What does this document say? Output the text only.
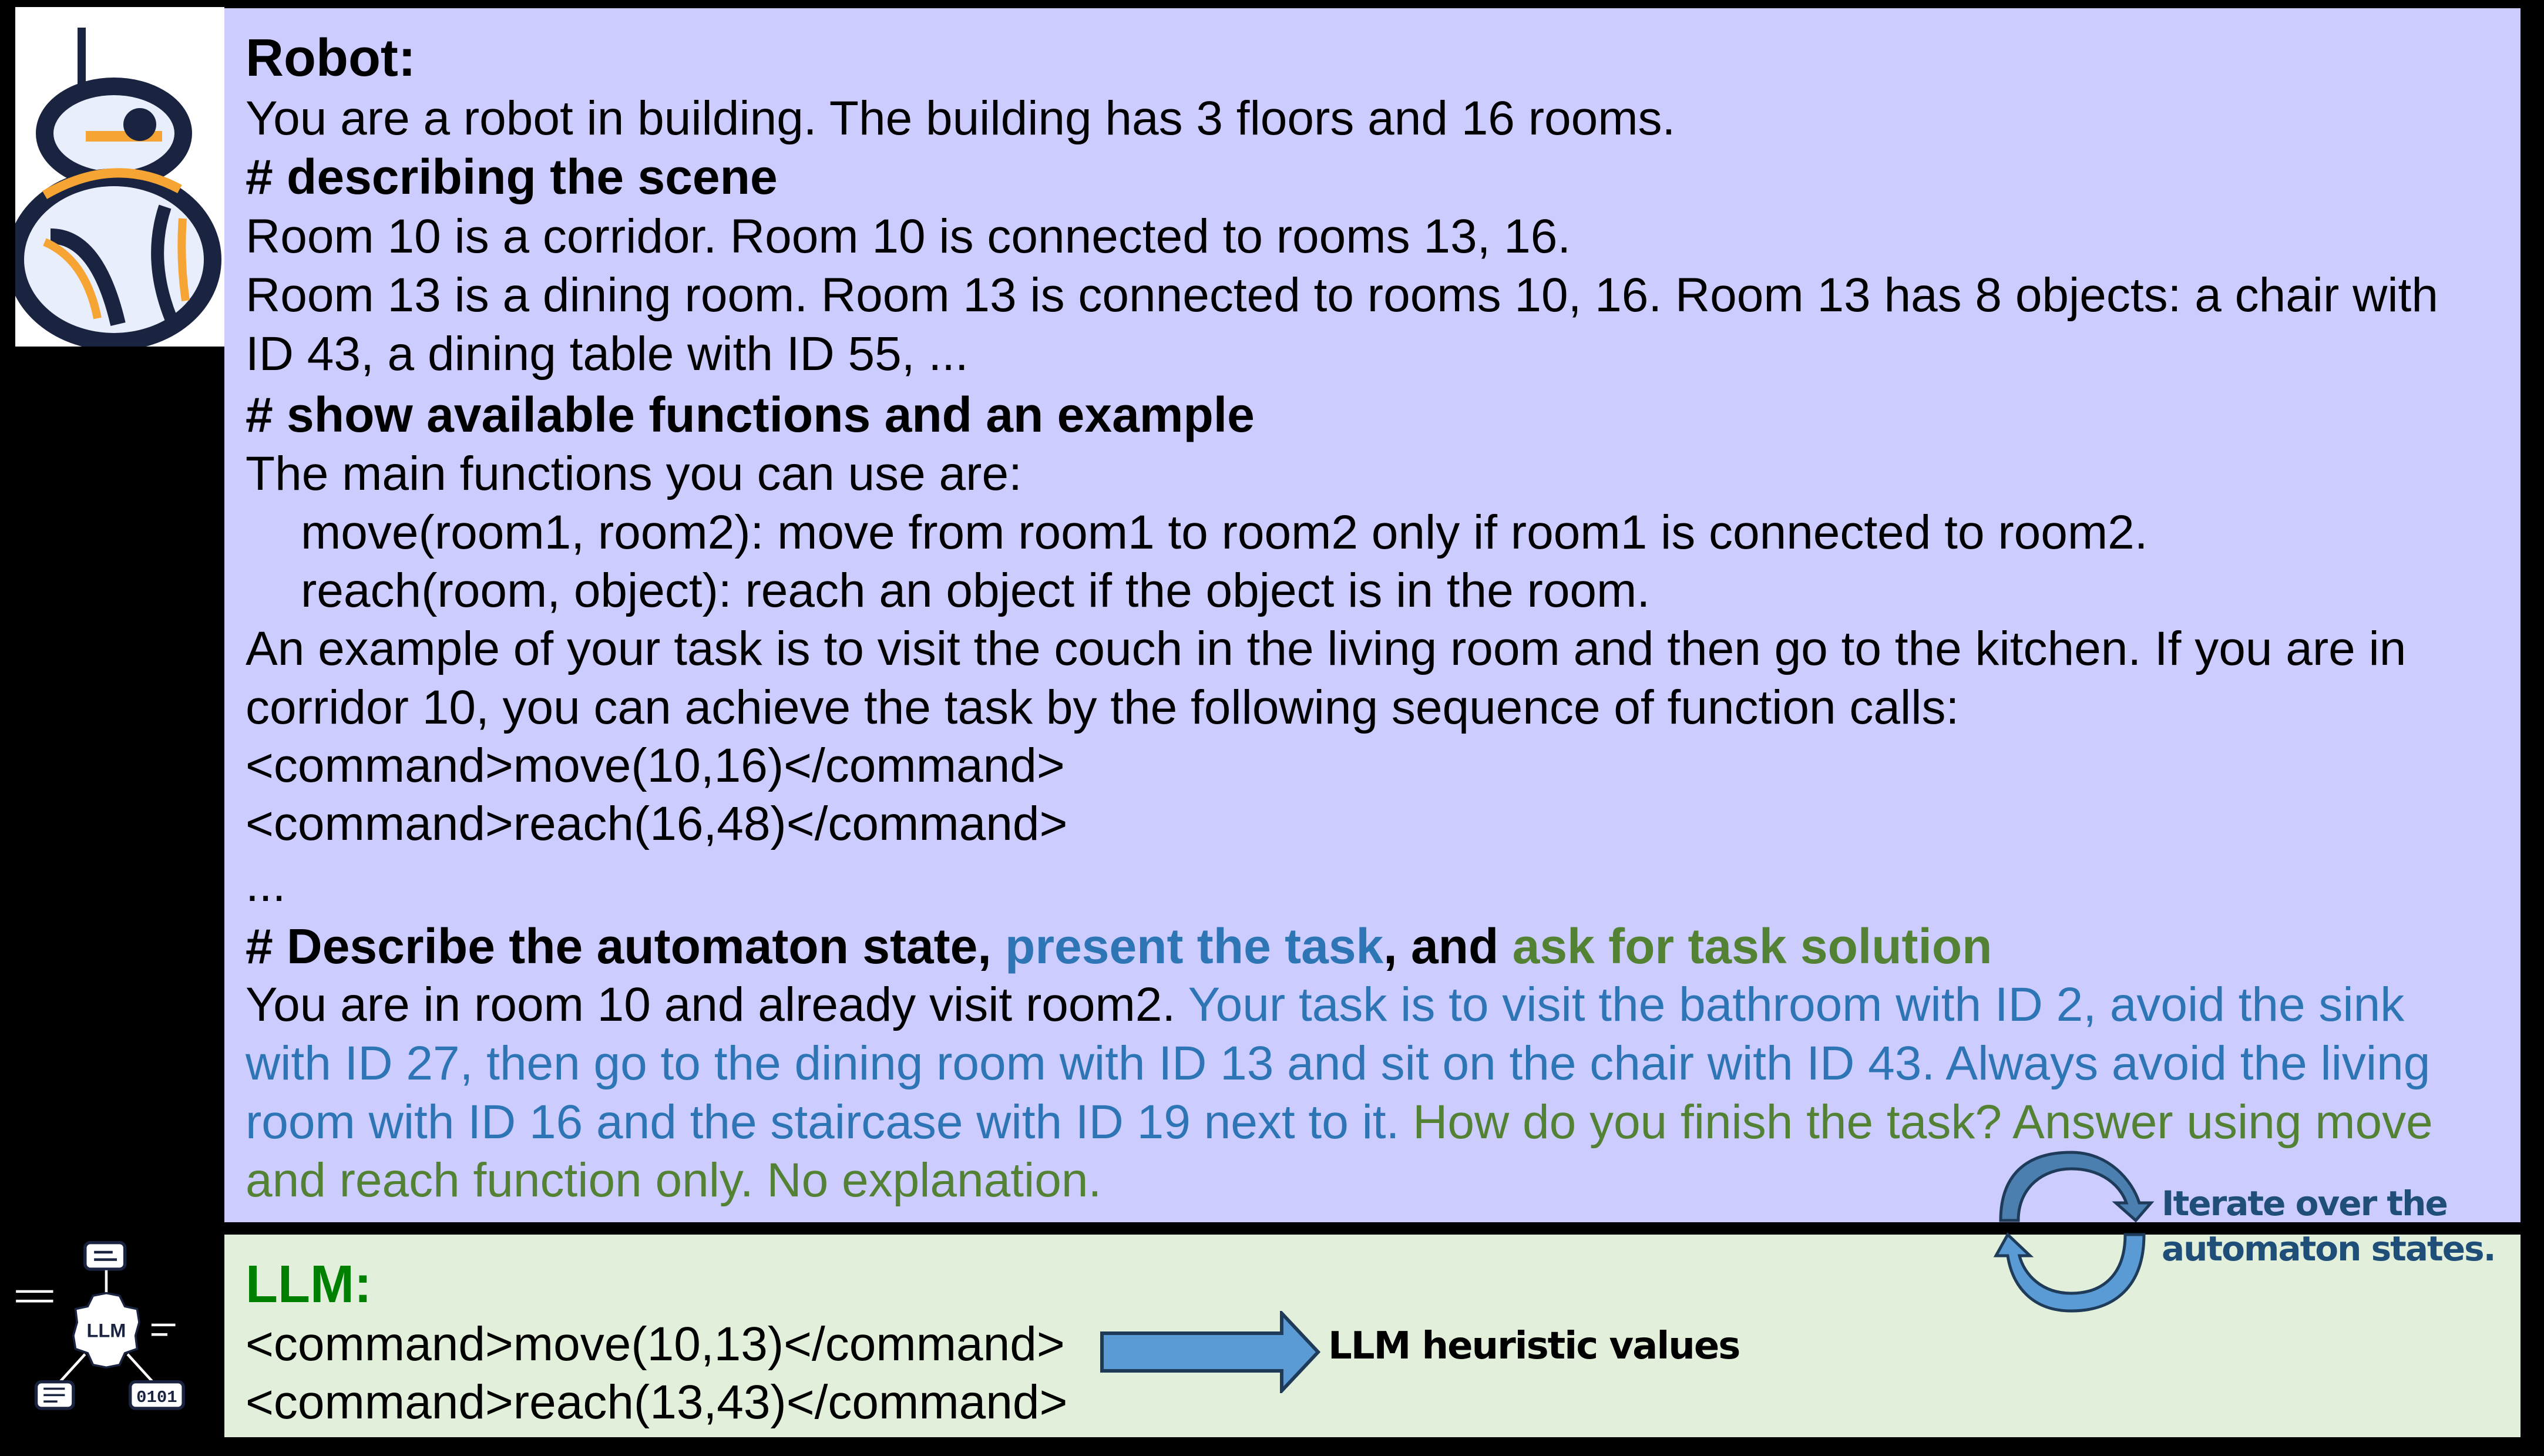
Robot:
You are a robot in building. The building has 3 floors and 16 rooms.
# describing the scene
Room 10 is a corridor. Room 10 is connected to rooms 13, 16.
Room 13 is a dining room. Room 13 is connected to rooms 10, 16. Room 13 has 8 objects: a chair with
ID 43, a dining table with ID 55, ...
# show available functions and an example
The main functions you can use are:
move(room1, room2): move from room1 to room2 only if room1 is connected to room2.
reach(room, object): reach an object if the object is in the room.
An example of your task is to visit the couch in the living room and then go to the kitchen. If you are in
corridor 10, you can achieve the task by the following sequence of function calls:
<command>move(10,16)</command>
<command>reach(16,48)</command>
...
# Describe the automaton state, present the task, and ask for task solution
You are in room 10 and already visit room2. Your task is to visit the bathroom with ID 2, avoid the sink
with ID 27, then go to the dining room with ID 13 and sit on the chair with ID 43. Always avoid the living
room with ID 16 and the staircase with ID 19 next to it. How do you finish the task? Answer using move
and reach function only. No explanation.
LLM
0101
LLM:
<command>move(10,13)</command>
<command>reach(13,43)</command>
LLM heuristic values
Iterate over the
automaton states.
